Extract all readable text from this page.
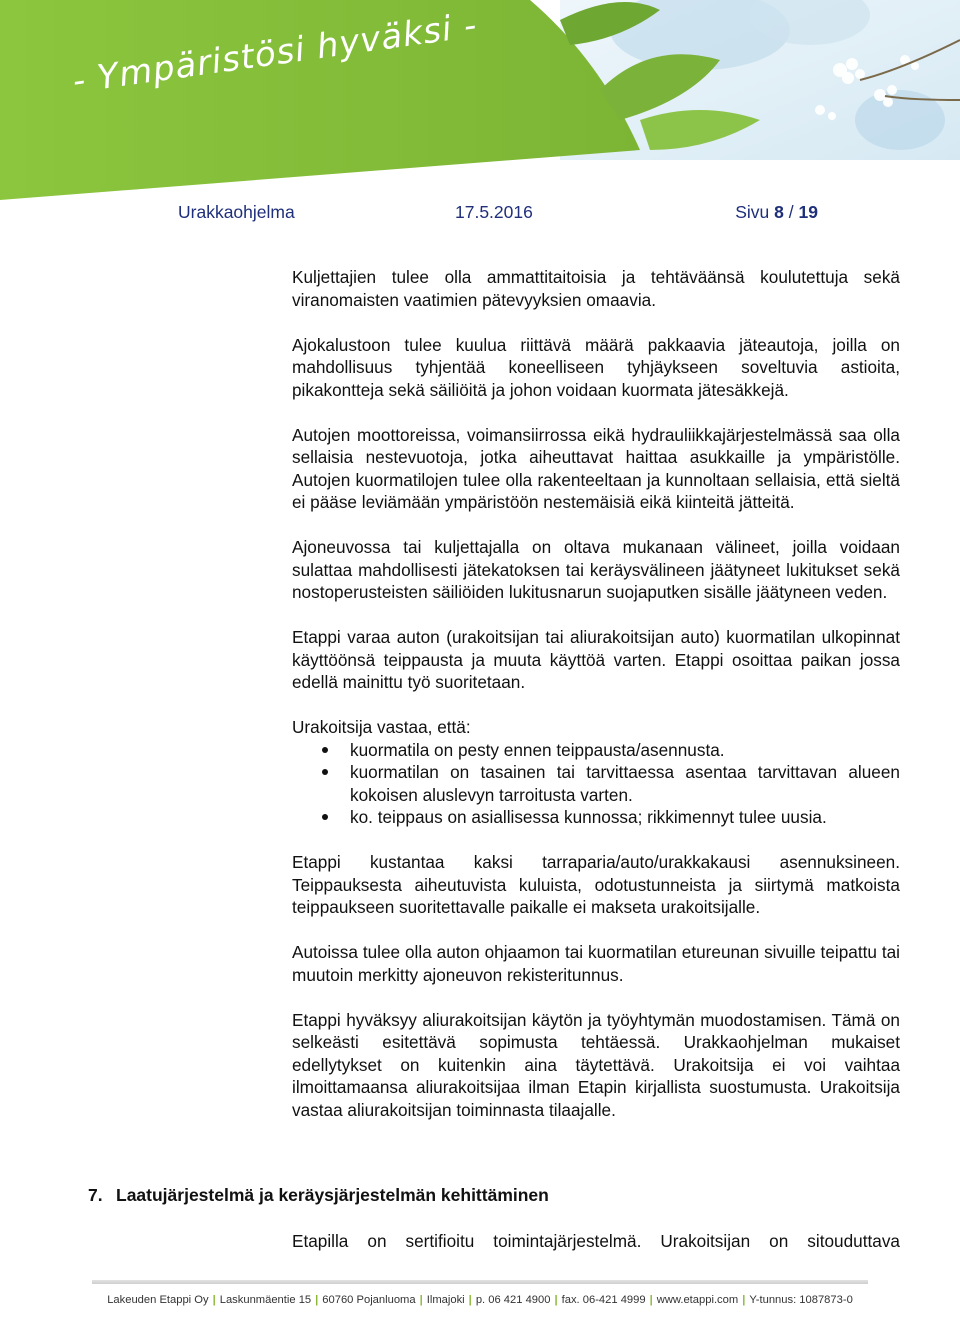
- Ympäristösi hyväksi -
Urakkaohjelma	17.5.2016	Sivu 8 / 19

Kuljettajien tulee olla ammattitaitoisia ja tehtäväänsä koulutettuja sekä viranomaisten vaatimien pätevyyksien omaavia.

Ajokalustoon tulee kuulua riittävä määrä pakkaavia jäteautoja, joilla on mahdollisuus tyhjentää koneelliseen tyhjäykseen soveltuvia astioita, pikakontteja sekä säiliöitä ja johon voidaan kuormata jätesäkkejä.

Autojen moottoreissa, voimansiirrossa eikä hydrauliikkajärjestelmässä saa olla sellaisia nestevuotoja, jotka aiheuttavat haittaa asukkaille ja ympäristölle. Autojen kuormatilojen tulee olla rakenteeltaan ja kunnoltaan sellaisia, että sieltä ei pääse leviämään ympäristöön nestemäisiä eikä kiinteitä jätteitä.

Ajoneuvossa tai kuljettajalla on oltava mukanaan välineet, joilla voidaan sulattaa mahdollisesti jätekatoksen tai keräysvälineen jäätyneet lukitukset sekä nostoperusteisten säiliöiden lukitusnarun suojaputken sisälle jäätyneen veden.

Etappi varaa auton (urakoitsijan tai aliurakoitsijan auto) kuormatilan ulkopinnat käyttöönsä teippausta ja muuta käyttöä varten. Etappi osoittaa paikan jossa edellä mainittu työ suoritetaan.

Urakoitsija vastaa, että:

kuormatila on pesty ennen teippausta/asennusta.
kuormatilan on tasainen tai tarvittaessa asentaa tarvittavan alueen kokoisen aluslevyn tarroitusta varten.
ko. teippaus on asiallisessa kunnossa; rikkimennyt tulee uusia.

Etappi kustantaa kaksi tarraparia/auto/urakkakausi asennuksineen. Teippauksesta aiheutuvista kuluista, odotustunneista ja siirtymä matkoista teippaukseen suoritettavalle paikalle ei makseta urakoitsijalle.

Autoissa tulee olla auton ohjaamon tai kuormatilan etureunan sivuille teipattu tai muutoin merkitty ajoneuvon rekisteritunnus.

Etappi hyväksyy aliurakoitsijan käytön ja työyhtymän muodostamisen. Tämä on selkeästi esitettävä sopimusta tehtäessä. Urakkaohjelman mukaiset edellytykset on kuitenkin aina täytettävä. Urakoitsija ei voi vaihtaa ilmoittamaansa aliurakoitsijaa ilman Etapin kirjallista suostumusta. Urakoitsija vastaa aliurakoitsijan toiminnasta tilaajalle.

7. Laatujärjestelmä ja keräysjärjestelmän kehittäminen
Etapilla on sertifioitu toimintajärjestelmä. Urakoitsijan on sitouduttava
Lakeuden Etappi Oy | Laskunmäentie 15 | 60760 Pojanluoma | Ilmajoki | p. 06 421 4900 | fax. 06-421 4999 | www.etappi.com | Y-tunnus: 1087873-0
